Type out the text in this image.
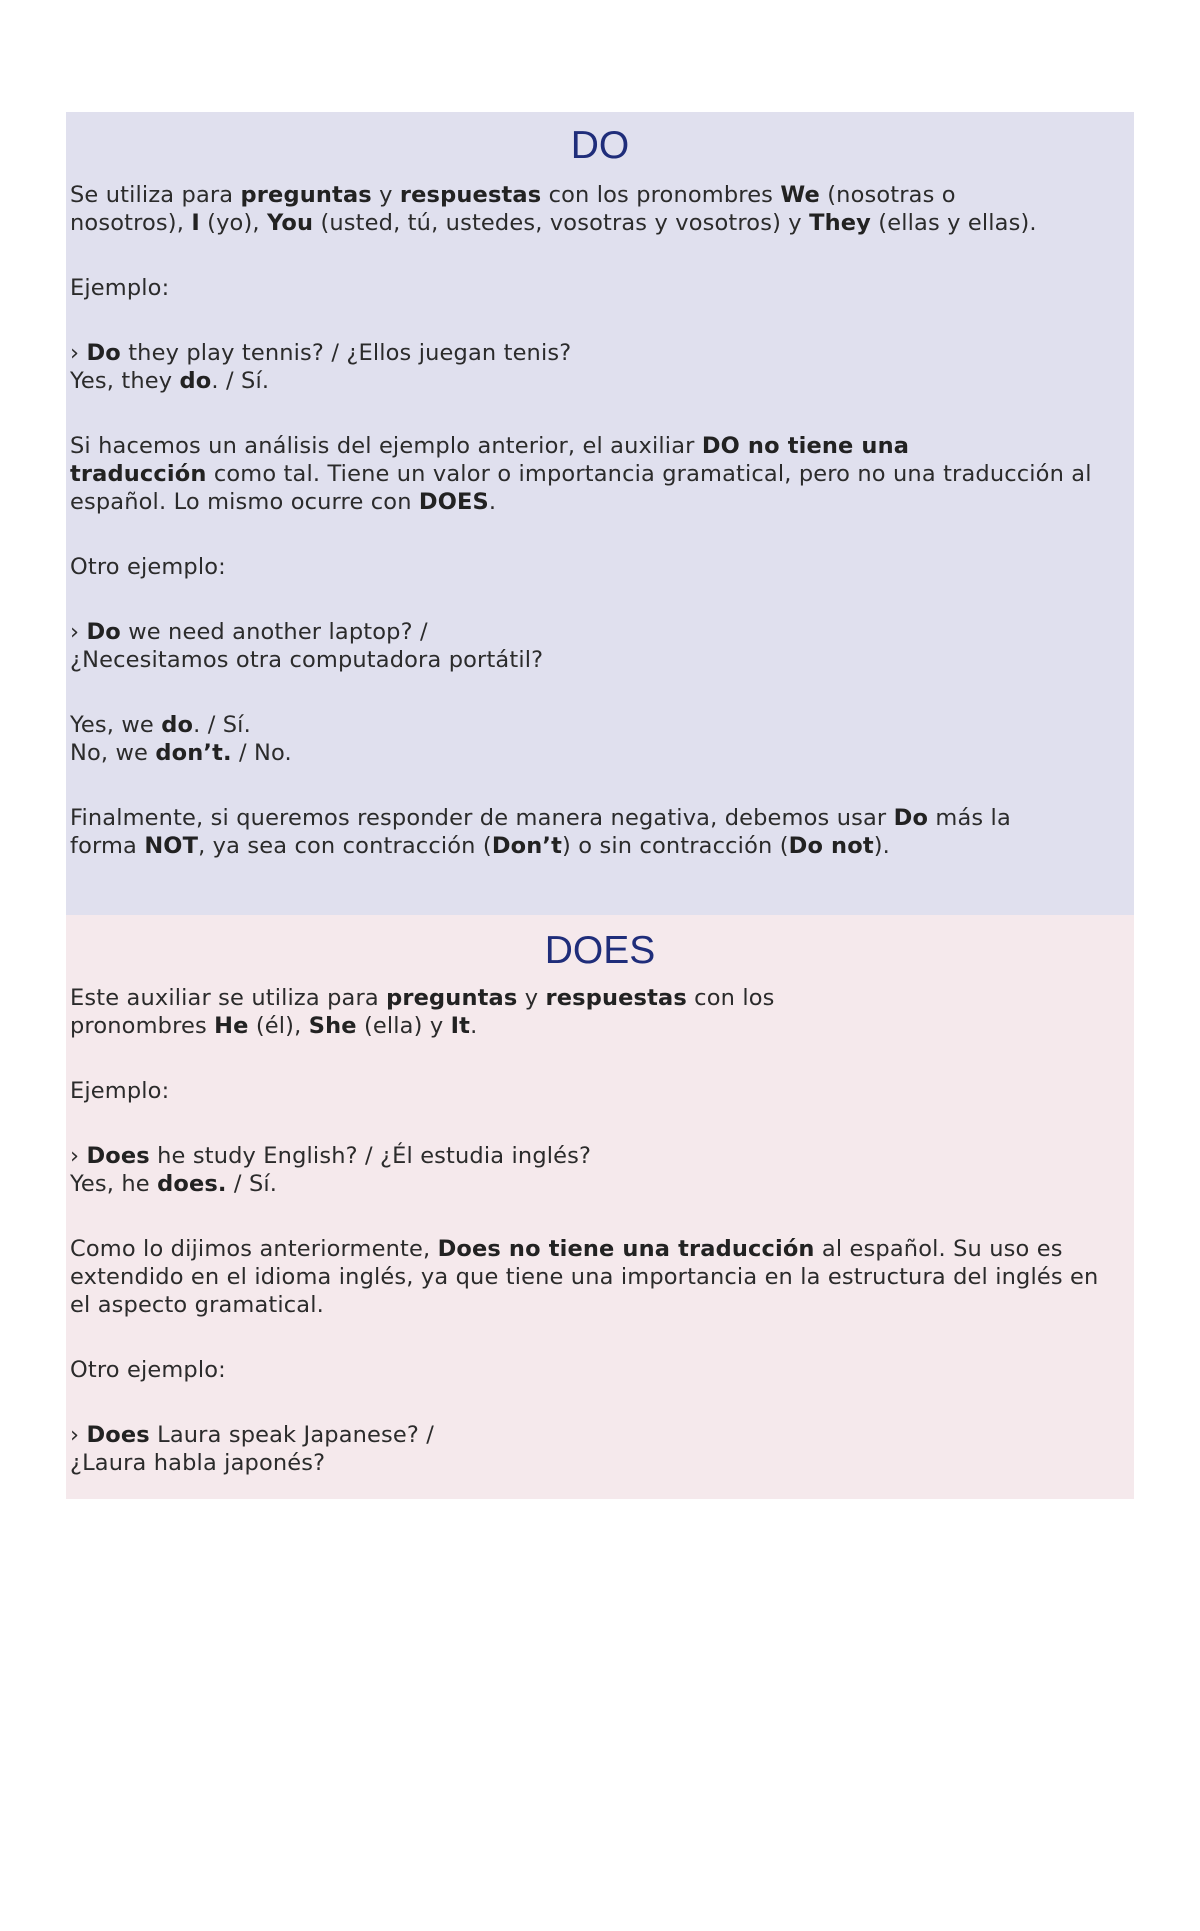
DO

Se utiliza para preguntas y respuestas con los pronombres We (nosotras o
nosotros), I (yo), You (usted, tú, ustedes, vosotras y vosotros) y They (ellas y ellas).

Ejemplo:

› Do they play tennis? / ¿Ellos juegan tenis?
Yes, they do. / Sí.

Si hacemos un análisis del ejemplo anterior, el auxiliar DO no tiene una
traducción como tal. Tiene un valor o importancia gramatical, pero no una traducción al
español. Lo mismo ocurre con DOES.

Otro ejemplo:

› Do we need another laptop? /
¿Necesitamos otra computadora portátil?

Yes, we do. / Sí.
No, we don’t. / No.

Finalmente, si queremos responder de manera negativa, debemos usar Do más la
forma NOT, ya sea con contracción (Don’t) o sin contracción (Do not).

DOES

Este auxiliar se utiliza para preguntas y respuestas con los
pronombres He (él), She (ella) y It.

Ejemplo:

› Does he study English? / ¿Él estudia inglés?
Yes, he does. / Sí.

Como lo dijimos anteriormente, Does no tiene una traducción al español. Su uso es
extendido en el idioma inglés, ya que tiene una importancia en la estructura del inglés en
el aspecto gramatical.

Otro ejemplo:

› Does Laura speak Japanese? /
¿Laura habla japonés?
